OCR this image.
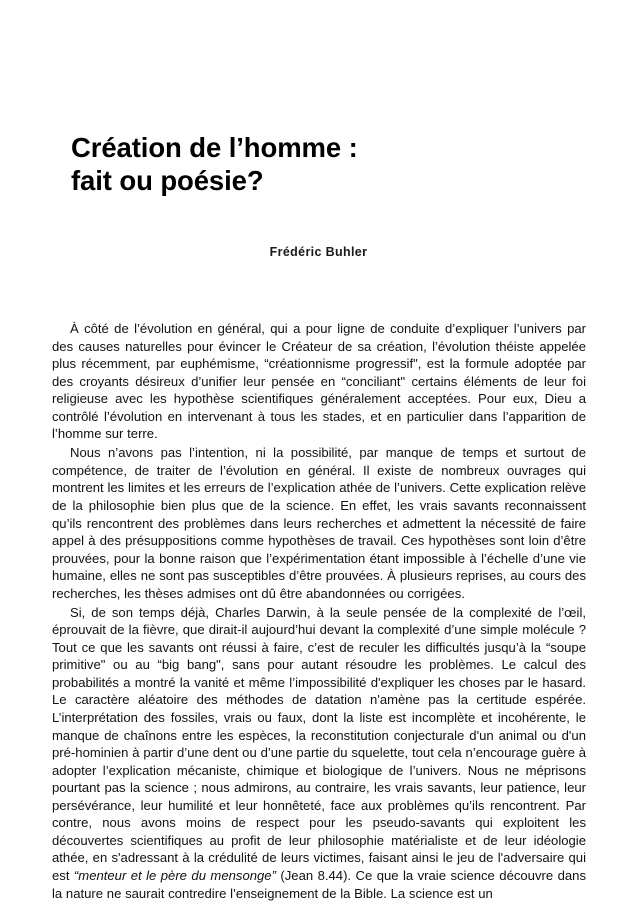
Création de l’homme :
fait ou poésie?

Frédéric Buhler

À côté de l’évolution en général, qui a pour ligne de conduite d’expliquer l’univers par des causes naturelles pour évincer le Créateur de sa création, l’évolution théiste appelée plus récemment, par euphémisme, “créationnisme progressif", est la formule adoptée par des croyants désireux d’unifier leur pensée en “conciliant" certains éléments de leur foi religieuse avec les hypothèse scientifiques généralement acceptées. Pour eux, Dieu a contrôlé l’évolution en intervenant à tous les stades, et en particulier dans l’apparition de l’homme sur terre.

Nous n’avons pas l’intention, ni la possibilité, par manque de temps et surtout de compétence, de traiter de l’évolution en général. Il existe de nombreux ouvrages qui montrent les limites et les erreurs de l’explication athée de l’univers. Cette explication relève de la philosophie bien plus que de la science. En effet, les vrais savants reconnaissent qu’ils rencontrent des problèmes dans leurs recherches et admettent la nécessité de faire appel à des présuppositions comme hypothèses de travail. Ces hypothèses sont loin d’être prouvées, pour la bonne raison que l’expérimentation étant impossible à l’échelle d’une vie humaine, elles ne sont pas susceptibles d’être prouvées. À plusieurs reprises, au cours des recherches, les thèses admises ont dû être abandonnées ou corrigées.

Si, de son temps déjà, Charles Darwin, à la seule pensée de la complexité de l’œil, éprouvait de la fièvre, que dirait-il aujourd’hui devant la complexité d’une simple molécule ? Tout ce que les savants ont réussi à faire, c’est de reculer les difficultés jusqu’à la “soupe primitive" ou au “big bang", sans pour autant résoudre les problèmes. Le calcul des probabilités a montré la vanité et même l’impossibilité d'expliquer les choses par le hasard. Le caractère aléatoire des méthodes de datation n'amène pas la certitude espérée. L’interprétation des fossiles, vrais ou faux, dont la liste est incomplète et incohérente, le manque de chaînons entre les espèces, la reconstitution conjecturale d'un animal ou d'un pré-hominien à partir d’une dent ou d’une partie du squelette, tout cela n’encourage guère à adopter l’explication mécaniste, chimique et biologique de l’univers. Nous ne méprisons pourtant pas la science ; nous admirons, au contraire, les vrais savants, leur patience, leur persévérance, leur humilité et leur honnêteté, face aux problèmes qu’ils rencontrent. Par contre, nous avons moins de respect pour les pseudo-savants qui exploitent les découvertes scientifiques au profit de leur philosophie matérialiste et de leur idéologie athée, en s'adressant à la crédulité de leurs victimes, faisant ainsi le jeu de l'adversaire qui est “menteur et le père du mensonge” (Jean 8.44). Ce que la vraie science découvre dans la nature ne saurait contredire l’enseignement de la Bible. La science est un
